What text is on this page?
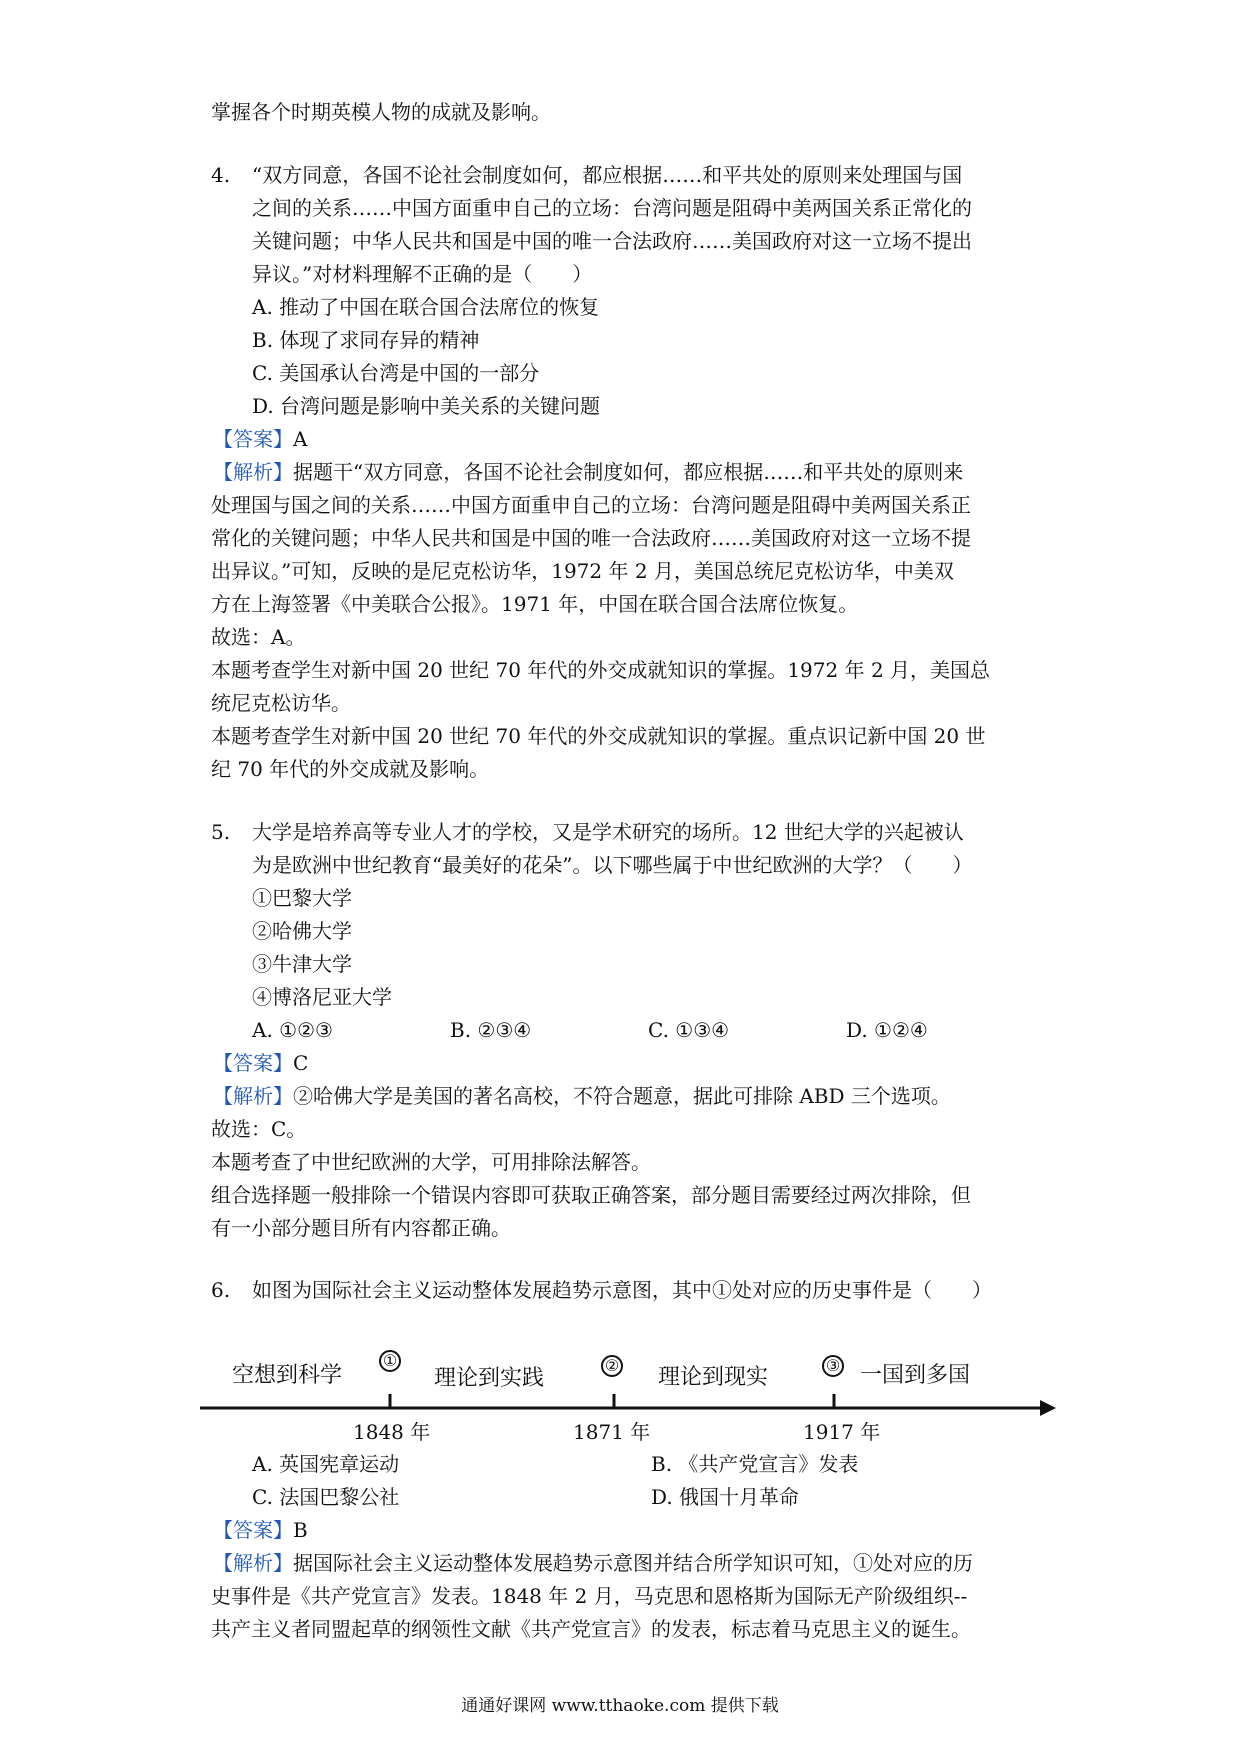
掌握各个时期英模人物的成就及影响。
4. “双方同意，各国不论社会制度如何，都应根据……和平共处的原则来处理国与国
之间的关系……中国方面重申自己的立场：台湾问题是阻碍中美两国关系正常化的
关键问题；中华人民共和国是中国的唯一合法政府……美国政府对这一立场不提出
异议。”对材料理解不正确的是（　　）
A. 推动了中国在联合国合法席位的恢复
B. 体现了求同存异的精神
C. 美国承认台湾是中国的一部分
D. 台湾问题是影响中美关系的关键问题
【答案】A
【解析】据题干“双方同意，各国不论社会制度如何，都应根据……和平共处的原则来
处理国与国之间的关系……中国方面重申自己的立场：台湾问题是阻碍中美两国关系正
常化的关键问题；中华人民共和国是中国的唯一合法政府……美国政府对这一立场不提
出异议。”可知，反映的是尼克松访华，1972 年 2 月，美国总统尼克松访华，中美双
方在上海签署《中美联合公报》。1971 年，中国在联合国合法席位恢复。
故选：A。
本题考查学生对新中国 20 世纪 70 年代的外交成就知识的掌握。1972 年 2 月，美国总
统尼克松访华。
本题考查学生对新中国 20 世纪 70 年代的外交成就知识的掌握。重点识记新中国 20 世
纪 70 年代的外交成就及影响。
5. 大学是培养高等专业人才的学校，又是学术研究的场所。12 世纪大学的兴起被认
为是欧洲中世纪教育“最美好的花朵”。以下哪些属于中世纪欧洲的大学？（　　）
①巴黎大学
②哈佛大学
③牛津大学
④博洛尼亚大学
A. ①②③	B. ②③④	C. ①③④	D. ①②④
【答案】C
【解析】②哈佛大学是美国的著名高校，不符合题意，据此可排除 ABD 三个选项。
故选：C。
本题考查了中世纪欧洲的大学，可用排除法解答。
组合选择题一般排除一个错误内容即可获取正确答案，部分题目需要经过两次排除，但
有一小部分题目所有内容都正确。
6. 如图为国际社会主义运动整体发展趋势示意图，其中①处对应的历史事件是（　　）
空想到科学	理论到实践	理论到现实	一国到多国
①	②	③
1848 年	1871 年	1917 年
A. 英国宪章运动	B. 《共产党宣言》发表
C. 法国巴黎公社	D. 俄国十月革命
【答案】B
【解析】据国际社会主义运动整体发展趋势示意图并结合所学知识可知，①处对应的历
史事件是《共产党宣言》发表。1848 年 2 月，马克思和恩格斯为国际无产阶级组织--
共产主义者同盟起草的纲领性文献《共产党宣言》的发表，标志着马克思主义的诞生。
通通好课网 www.tthaoke.com 提供下载
